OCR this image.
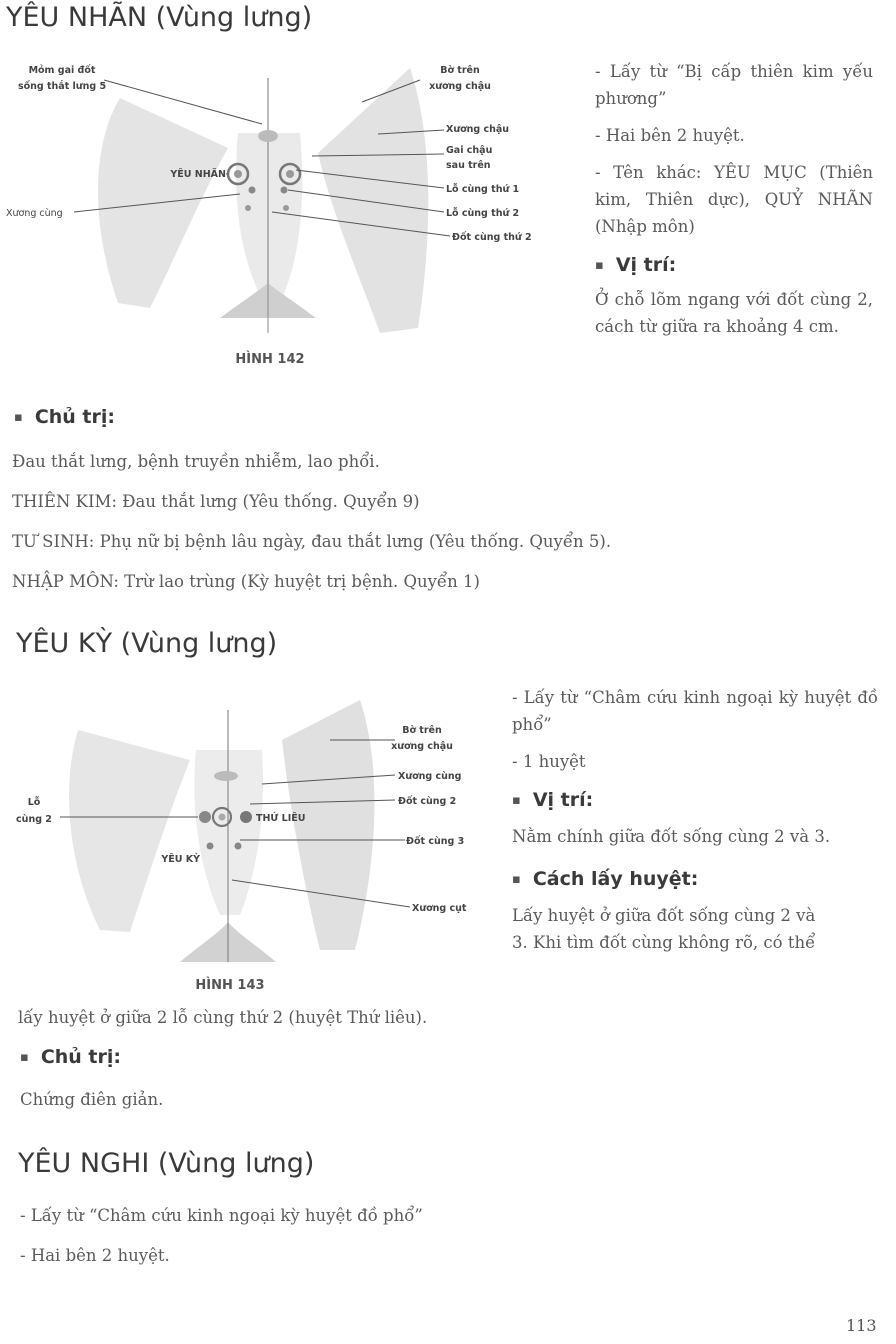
YÊU NHÃN (Vùng lưng)
Mỏm gai đốt
sống thắt lưng 5
YÊU NHÃN
Xương cùng
Bờ trên
xương chậu
Xương chậu
Gai chậu
sau trên
Lỗ cùng thứ 1
Lỗ cùng thứ 2
Đốt cùng thứ 2
HÌNH 142

- Lấy từ “Bị cấp thiên kim yếu phương”

- Hai bên 2 huyệt.

- Tên khác: YÊU MỤC (Thiên kim, Thiên dực), QUỶ NHÃN (Nhập môn)

▪ Vị trí:

Ở chỗ lõm ngang với đốt cùng 2, cách từ giữa ra khoảng 4 cm.

▪ Chủ trị:

Đau thắt lưng, bệnh truyền nhiễm, lao phổi.

THIÊN KIM: Đau thắt lưng (Yêu thống. Quyển 9)

TƯ SINH: Phụ nữ bị bệnh lâu ngày, đau thắt lưng (Yêu thống. Quyển 5).

NHẬP MÔN: Trừ lao trùng (Kỳ huyệt trị bệnh. Quyển 1)

YÊU KỲ (Vùng lưng)
Bờ trên
xương chậu
Xương cùng
Đốt cùng 2
Đốt cùng 3
Xương cụt
Lỗ
cùng 2	THỨ LIÊU
YÊU KỲ
HÌNH 143

- Lấy từ “Châm cứu kinh ngoại kỳ huyệt đồ phổ”

- 1 huyệt

▪ Vị trí:

Nằm chính giữa đốt sống cùng 2 và 3.

▪ Cách lấy huyệt:

Lấy huyệt ở giữa đốt sống cùng 2 và

3. Khi tìm đốt cùng không rõ, có thể

lấy huyệt ở giữa 2 lỗ cùng thứ 2 (huyệt Thứ liêu).

▪ Chủ trị:

Chứng điên giản.

YÊU NGHI (Vùng lưng)

- Lấy từ “Châm cứu kinh ngoại kỳ huyệt đồ phổ”

- Hai bên 2 huyệt.

113
